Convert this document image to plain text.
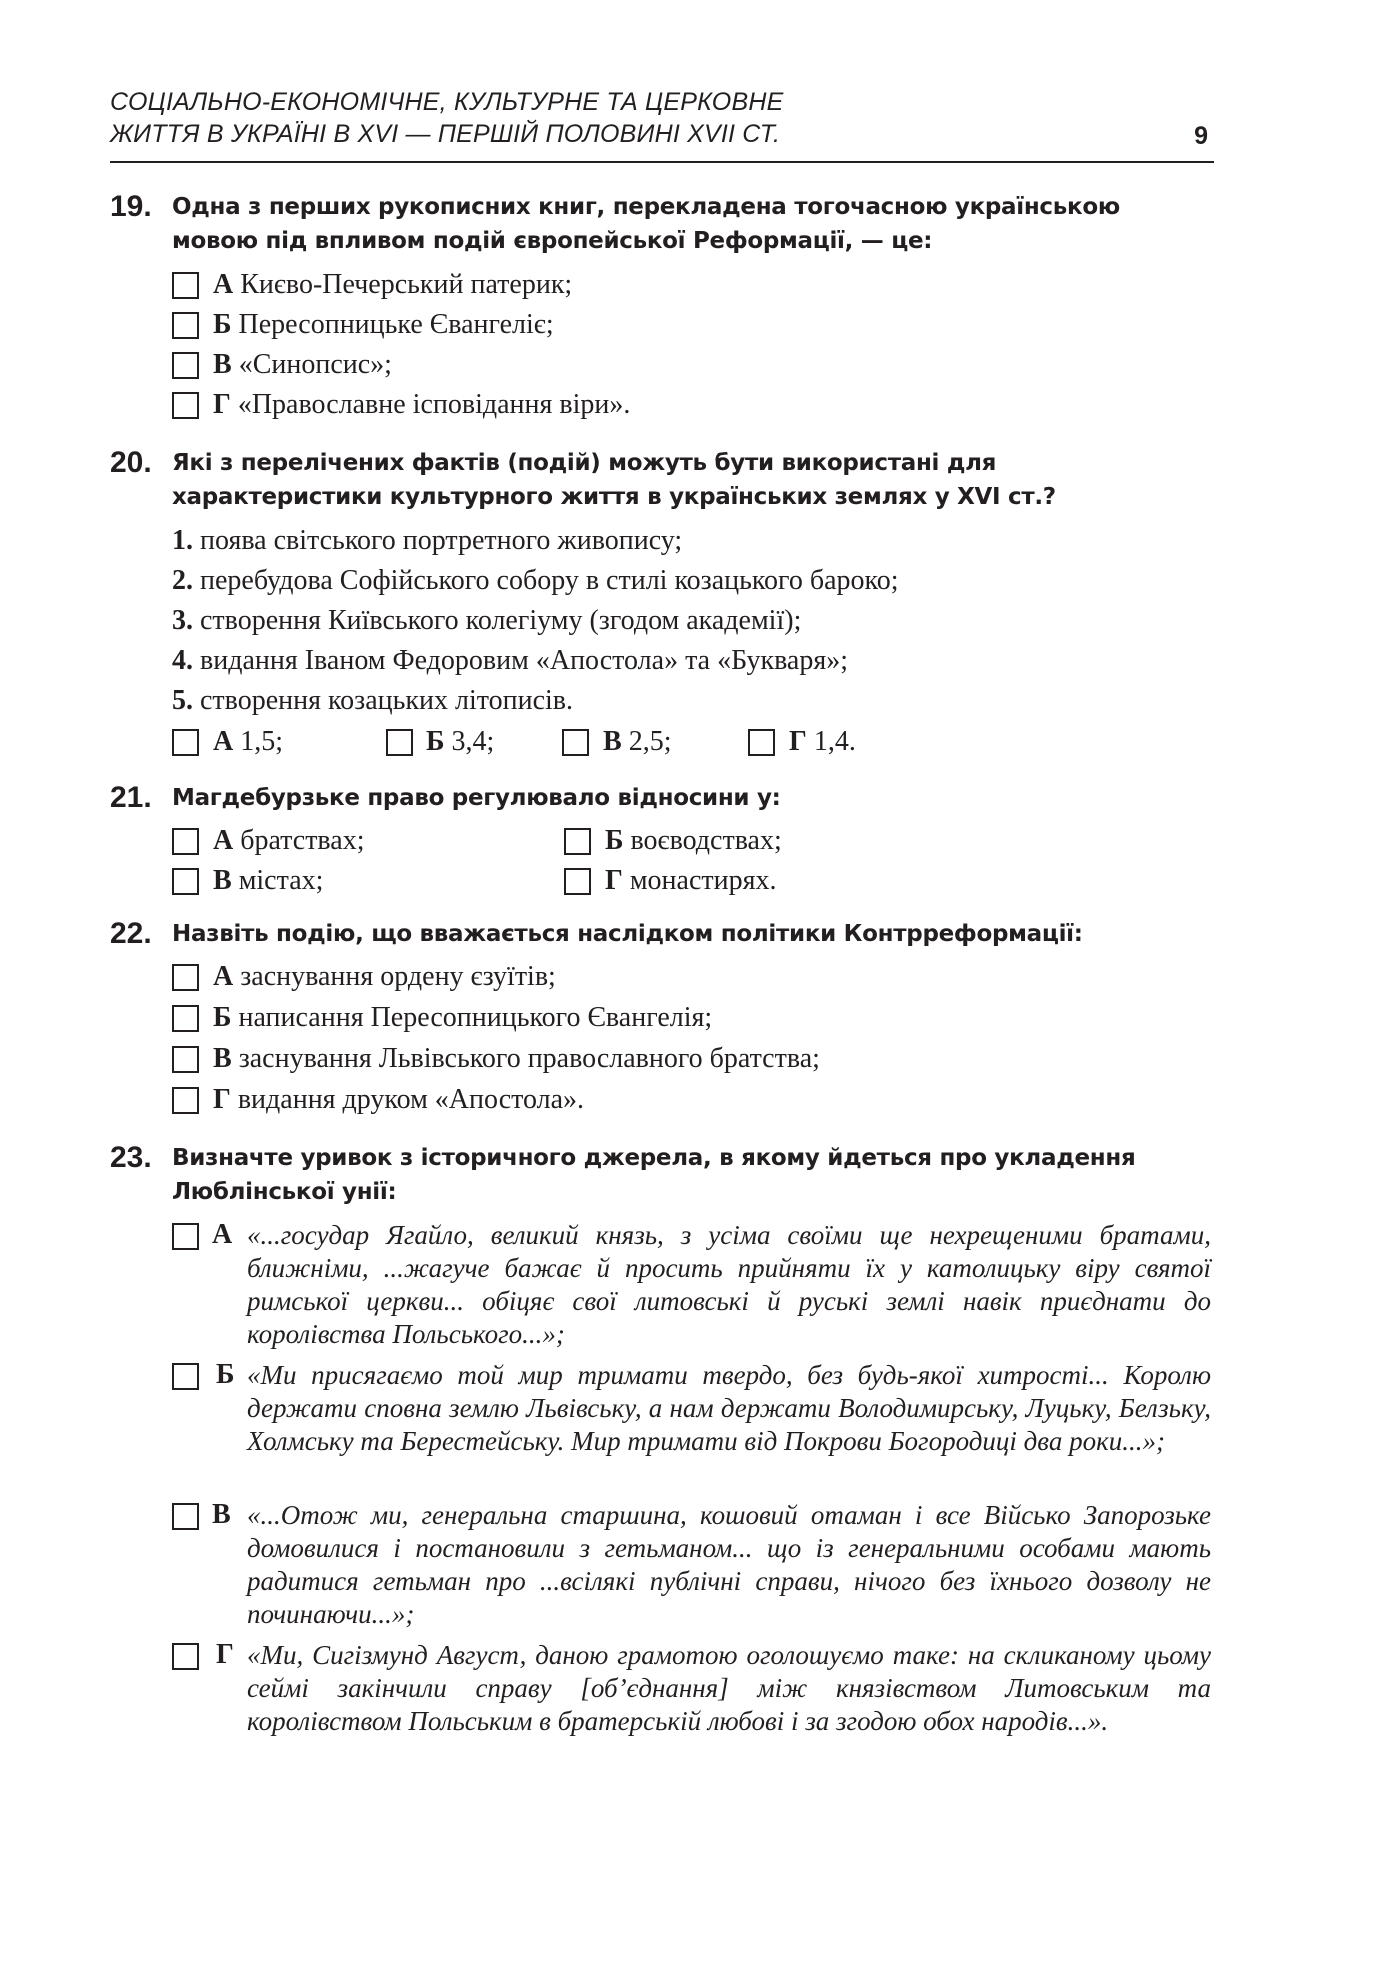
СОЦІАЛЬНО-ЕКОНОМІЧНЕ, КУЛЬТУРНЕ ТА ЦЕРКОВНЕ
ЖИТТЯ В УКРАЇНІ В XVI — ПЕРШІЙ ПОЛОВИНІ XVII СТ.	9
19. Одна з перших рукописних книг, перекладена тогочасною українською мовою під впливом подій європейської Реформації, — це:
А Києво-Печерський патерик;
Б Пересопницьке Євангеліє;
В «Синопсис»;
Г «Православне іcповідання віри».
20. Які з перелічених фактів (подій) можуть бути використані для характеристики культурного життя в українських землях у XVI ст.?
1. поява світського портретного живопису;
2. перебудова Софійського собору в стилі козацького бароко;
3. створення Київського колегіуму (згодом академії);
4. видання Іваном Федоровим «Апостола» та «Букваря»;
5. створення козацьких літописів.
А 1,5;	Б 3,4;	В 2,5;	Г 1,4.
21. Магдебурзьке право регулювало відносини у:
А братствах;	Б воєводствах;
В містах;	Г монастирях.
22. Назвіть подію, що вважається наслідком політики Контрреформації:
А заснування ордену єзуїтів;
Б написання Пересопницького Євангелія;
В заснування Львівського православного братства;
Г видання друком «Апостола».
23. Визначте уривок з історичного джерела, в якому йдеться про укладення Люблінської унії:
А «...государ Ягайло, великий князь, з усіма своїми ще нехрещеними братами, ближніми, ...жагуче бажає й просить прийняти їх у католицьку віру святої римської церкви... обіцяє свої литовські й руські землі навік приєднати до королівства Польського...»;
Б «Ми присягаємо той мир тримати твердо, без будь-якої хитрості... Королю держати сповна землю Львівську, а нам держати Володимирську, Луцьку, Белзьку, Холмську та Берестейську. Мир тримати від Покрови Богородиці два роки...»;
В «...Отож ми, генеральна старшина, кошовий отаман і все Військо Запорозьке домовилися і постановили з гетьманом... що із генеральними особами мають радитися гетьман про ...всілякі публічні справи, нічого без їхнього дозволу не починаючи...»;
Г «Ми, Сигізмунд Август, даною грамотою оголошуємо таке: на скликаному цьому сеймі закінчили справу [об’єднання] між князівством Литовським та королівством Польським в братерській любові і за згодою обох народів...».
